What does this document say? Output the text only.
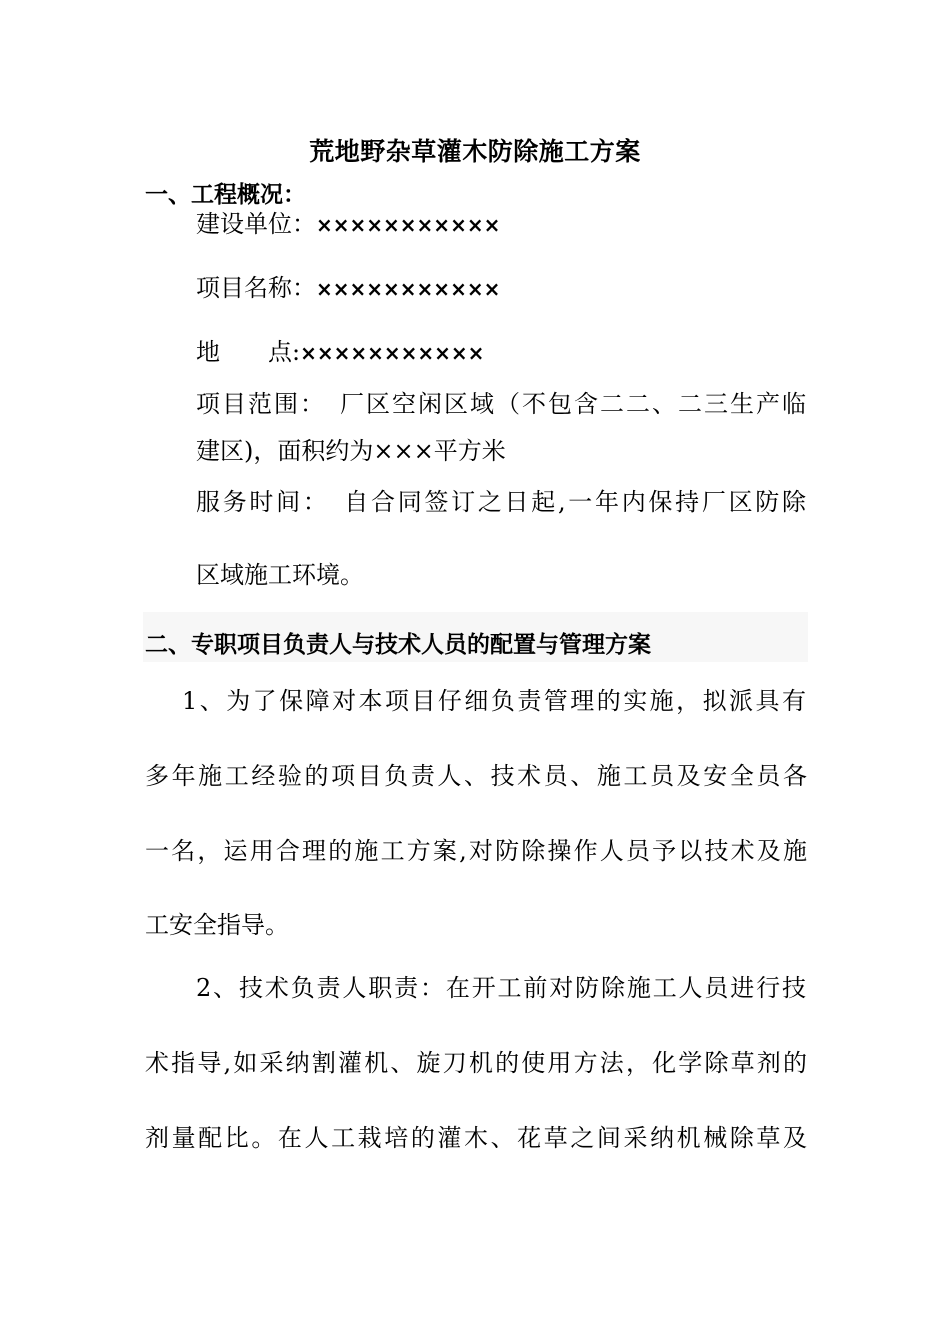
荒地野杂草灌木防除施工方案
一、工程概况：
建设单位：×××××××××××
项目名称：×××××××××××
地　　点:×××××××××××
项目范围：　厂区空闲区域（不包含二二、二三生产临
建区)，面积约为×××平方米
服务时间：　自合同签订之日起,一年内保持厂区防除
区域施工环境。
二、专职项目负责人与技术人员的配置与管理方案
1、为了保障对本项目仔细负责管理的实施，拟派具有
多年施工经验的项目负责人、技术员、施工员及安全员各
一名，运用合理的施工方案,对防除操作人员予以技术及施
工安全指导。
2、技术负责人职责：在开工前对防除施工人员进行技
术指导,如采纳割灌机、旋刀机的使用方法，化学除草剂的
剂量配比。在人工栽培的灌木、花草之间采纳机械除草及
